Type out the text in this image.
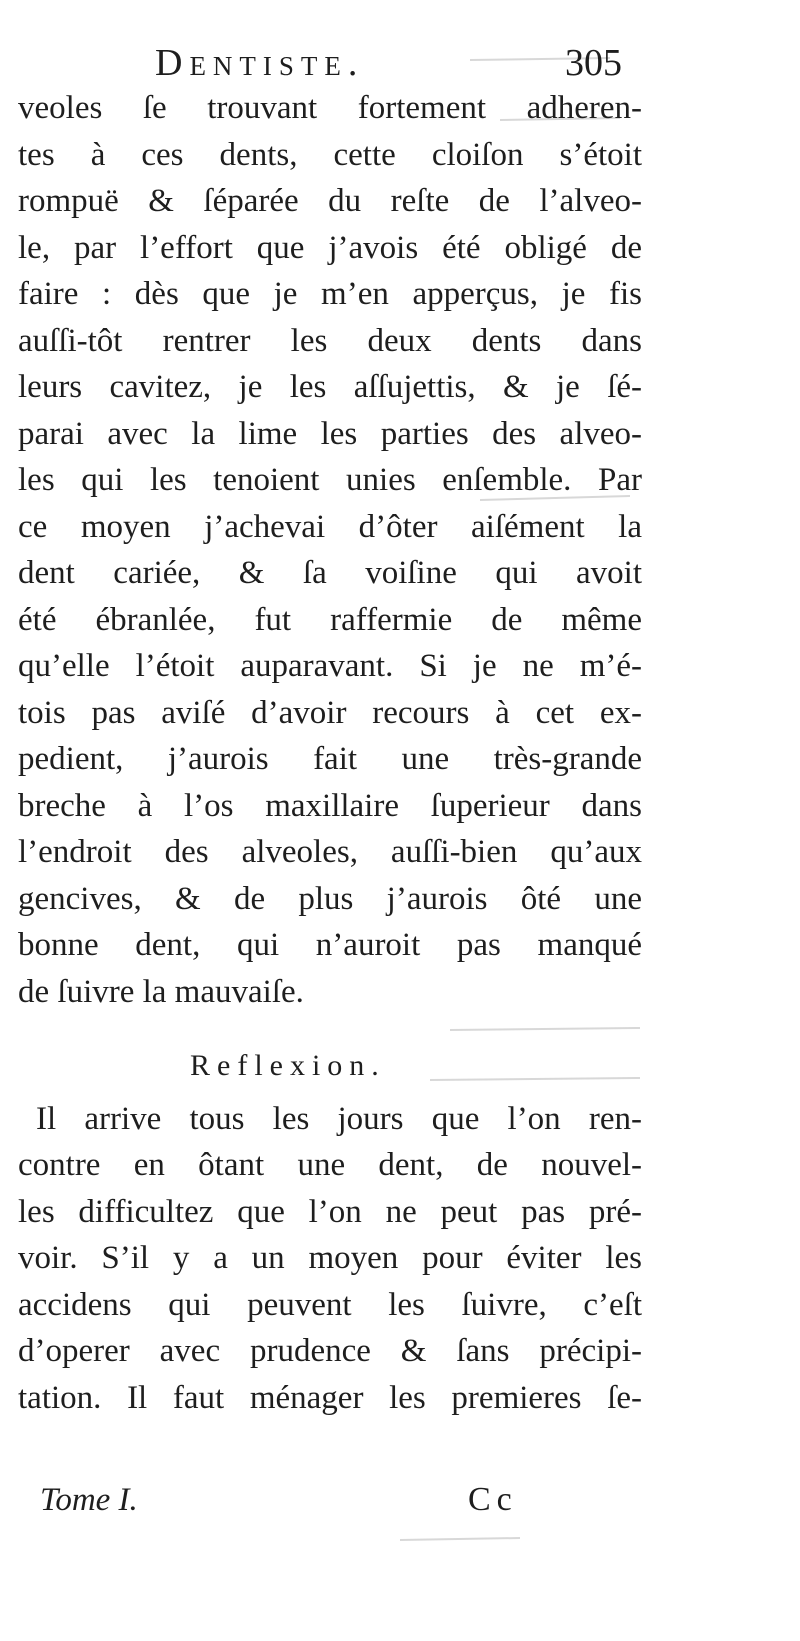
Dentiste.	305
veoles ſe trouvant fortement adheren-
tes à ces dents, cette cloiſon s’étoit
rompuë & ſéparée du reſte de l’alveo-
le, par l’effort que j’avois été obligé de
faire : dès que je m’en apperçus, je fis
auſſi-tôt rentrer les deux dents dans
leurs cavitez, je les aſſujettis, & je ſé-
parai avec la lime les parties des alveo-
les qui les tenoient unies enſemble. Par
ce moyen j’achevai d’ôter aiſément la
dent cariée, & ſa voiſine qui avoit
été ébranlée, fut raffermie de même
qu’elle l’étoit auparavant. Si je ne m’é-
tois pas aviſé d’avoir recours à cet ex-
pedient, j’aurois fait une très-grande
breche à l’os maxillaire ſuperieur dans
l’endroit des alveoles, auſſi-bien qu’aux
gencives, & de plus j’aurois ôté une
bonne dent, qui n’auroit pas manqué
de ſuivre la mauvaiſe.
Reflexion.
Il arrive tous les jours que l’on ren-
contre en ôtant une dent, de nouvel-
les difficultez que l’on ne peut pas pré-
voir. S’il y a un moyen pour éviter les
accidens qui peuvent les ſuivre, c’eſt
d’operer avec prudence & ſans précipi-
tation. Il faut ménager les premieres ſe-
Tome I.	Cc
